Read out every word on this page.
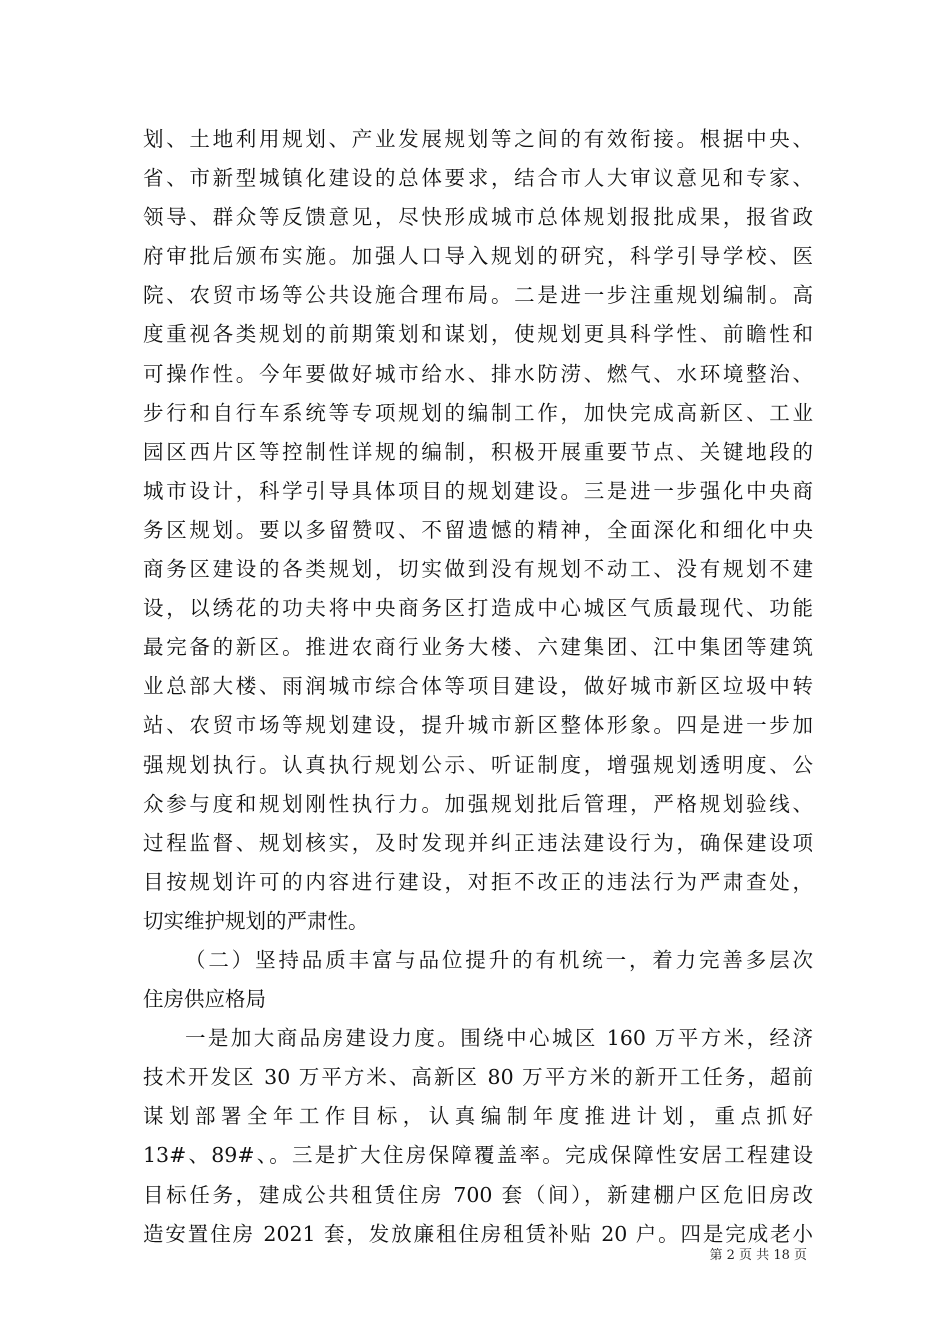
划、土地利用规划、产业发展规划等之间的有效衔接。根据中央、
省、市新型城镇化建设的总体要求，结合市人大审议意见和专家、
领导、群众等反馈意见，尽快形成城市总体规划报批成果，报省政
府审批后颁布实施。加强人口导入规划的研究，科学引导学校、医
院、农贸市场等公共设施合理布局。二是进一步注重规划编制。高
度重视各类规划的前期策划和谋划，使规划更具科学性、前瞻性和
可操作性。今年要做好城市给水、排水防涝、燃气、水环境整治、
步行和自行车系统等专项规划的编制工作，加快完成高新区、工业
园区西片区等控制性详规的编制，积极开展重要节点、关键地段的
城市设计，科学引导具体项目的规划建设。三是进一步强化中央商
务区规划。要以多留赞叹、不留遗憾的精神，全面深化和细化中央
商务区建设的各类规划，切实做到没有规划不动工、没有规划不建
设，以绣花的功夫将中央商务区打造成中心城区气质最现代、功能
最完备的新区。推进农商行业务大楼、六建集团、江中集团等建筑
业总部大楼、雨润城市综合体等项目建设，做好城市新区垃圾中转
站、农贸市场等规划建设，提升城市新区整体形象。四是进一步加
强规划执行。认真执行规划公示、听证制度，增强规划透明度、公
众参与度和规划刚性执行力。加强规划批后管理，严格规划验线、
过程监督、规划核实，及时发现并纠正违法建设行为，确保建设项
目按规划许可的内容进行建设，对拒不改正的违法行为严肃查处，
切实维护规划的严肃性。
（二）坚持品质丰富与品位提升的有机统一，着力完善多层次
住房供应格局
一是加大商品房建设力度。围绕中心城区 160 万平方米，经济
技术开发区 30 万平方米、高新区 80 万平方米的新开工任务，超前
谋划部署全年工作目标，认真编制年度推进计划，重点抓好
13#、89#、。三是扩大住房保障覆盖率。完成保障性安居工程建设
目标任务，建成公共租赁住房 700 套（间），新建棚户区危旧房改
造安置住房 2021 套，发放廉租住房租赁补贴 20 户。四是完成老小
第 2 页 共 18 页
